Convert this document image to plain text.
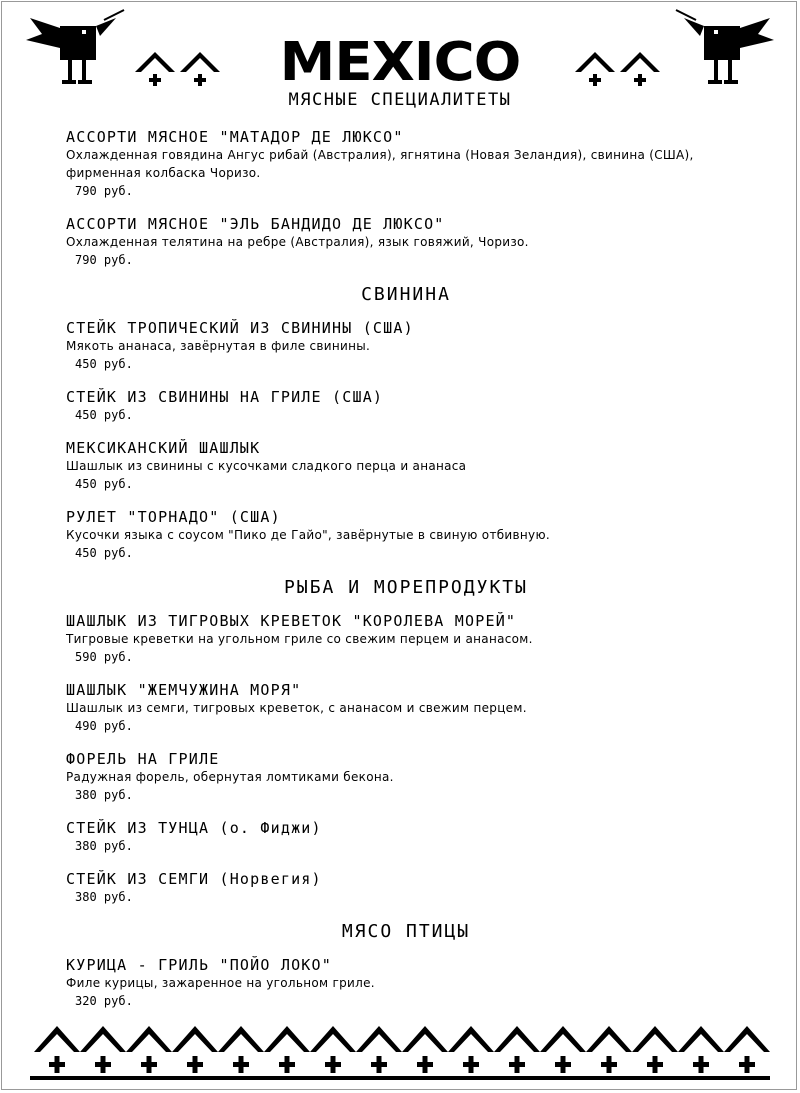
MEXICO
МЯСНЫЕ СПЕЦИАЛИТЕТЫ
АССОРТИ МЯСНОЕ "МАТАДОР ДЕ ЛЮКСО"
Охлажденная говядина Ангус рибай (Австралия), ягнятина (Новая Зеландия), свинина (США), фирменная колбаска Чоризо.
790 руб.
АССОРТИ МЯСНОЕ "ЭЛЬ БАНДИДО ДЕ ЛЮКСО"
Охлажденная телятина на ребре (Австралия), язык говяжий, Чоризо.
790 руб.
СВИНИНА
СТЕЙК ТРОПИЧЕСКИЙ ИЗ СВИНИНЫ (США)
Мякоть ананаса, завёрнутая в филе свинины.
450 руб.
СТЕЙК ИЗ СВИНИНЫ НА ГРИЛЕ (США)
450 руб.
МЕКСИКАНСКИЙ ШАШЛЫК
Шашлык из свинины с кусочками сладкого перца и ананаса
450 руб.
РУЛЕТ "ТОРНАДО" (США)
Кусочки языка с соусом "Пико де Гайо", завёрнутые в свиную отбивную.
450 руб.
РЫБА И МОРЕПРОДУКТЫ
ШАШЛЫК ИЗ ТИГРОВЫХ КРЕВЕТОК "КОРОЛЕВА МОРЕЙ"
Тигровые креветки на угольном гриле со свежим перцем и ананасом.
590 руб.
ШАШЛЫК "ЖЕМЧУЖИНА МОРЯ"
Шашлык из семги, тигровых креветок, с ананасом и свежим перцем.
490 руб.
ФОРЕЛЬ НА ГРИЛЕ
Радужная форель, обернутая ломтиками бекона.
380 руб.
СТЕЙК ИЗ ТУНЦА (о. Фиджи)
380 руб.
СТЕЙК ИЗ СЕМГИ (Норвегия)
380 руб.
МЯСО ПТИЦЫ
КУРИЦА - ГРИЛЬ "ПОЙО ЛОКО"
Филе курицы, зажаренное на угольном гриле.
320 руб.
